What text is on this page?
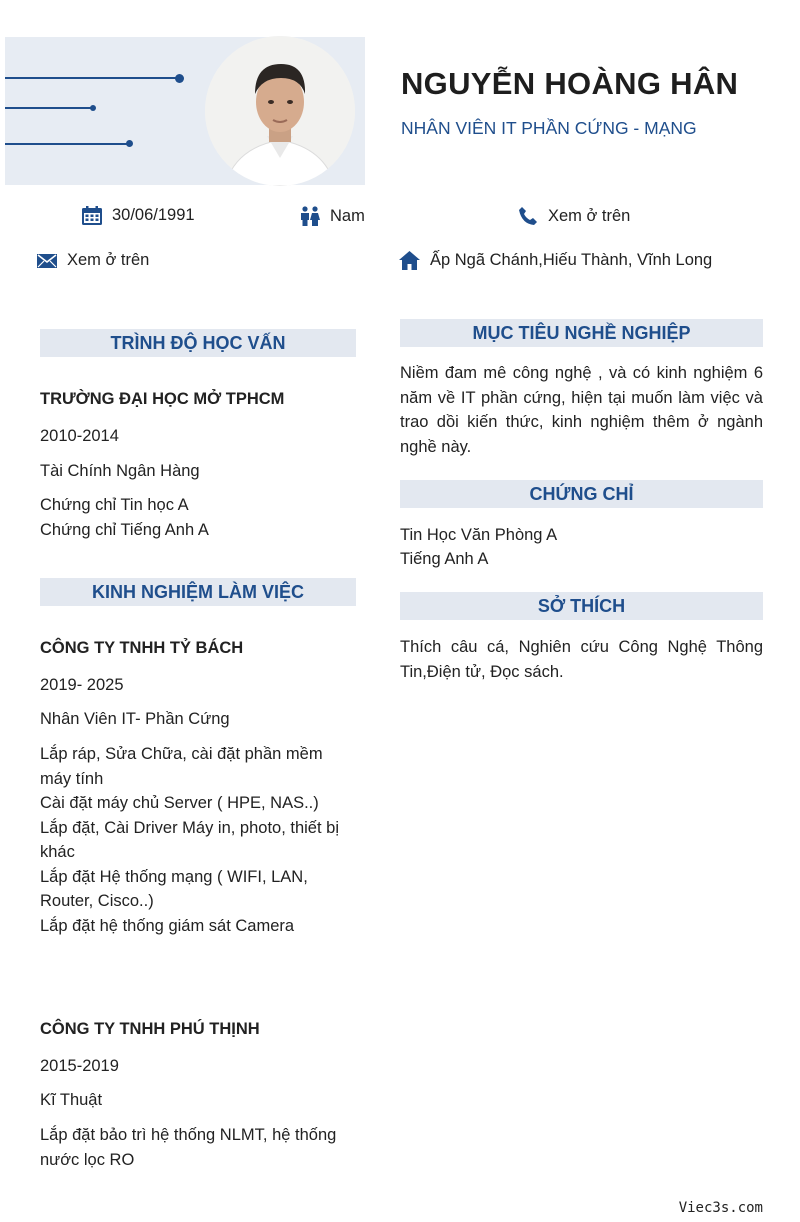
NGUYỄN HOÀNG HÂN
NHÂN VIÊN IT PHẦN CỨNG - MẠNG
30/06/1991	Nam	Xem ở trên
Xem ở trên	Ấp Ngã Chánh,Hiếu Thành, Vĩnh Long
TRÌNH ĐỘ HỌC VẤN
TRƯỜNG ĐẠI HỌC MỞ TPHCM
2010-2014
Tài Chính Ngân Hàng
Chứng chỉ Tin học A
Chứng chỉ Tiếng Anh A
KINH NGHIỆM LÀM VIỆC
CÔNG TY TNHH TỶ BÁCH
2019- 2025
Nhân Viên IT- Phần Cứng
Lắp ráp, Sửa Chữa, cài đặt phần mềm
máy tính
Cài đặt máy chủ Server ( HPE, NAS..)
Lắp đặt, Cài Driver Máy in, photo, thiết bị
khác
Lắp đặt Hệ thống mạng ( WIFI, LAN,
Router, Cisco..)
Lắp đặt hệ thống giám sát Camera
CÔNG TY TNHH PHÚ THỊNH
2015-2019
Kĩ Thuật
Lắp đặt bảo trì hệ thống NLMT, hệ thống
nước lọc RO
MỤC TIÊU NGHỀ NGHIỆP
Niềm đam mê công nghệ , và có kinh nghiệm 6 năm về IT phần cứng, hiện tại muốn làm việc và trao dồi kiến thức, kinh nghiệm thêm ở ngành nghề này.
CHỨNG CHỈ
Tin Học Văn Phòng A
Tiếng Anh A
SỞ THÍCH
Thích câu cá, Nghiên cứu Công Nghệ Thông Tin,Điện tử, Đọc sách.
Viec3s.com
